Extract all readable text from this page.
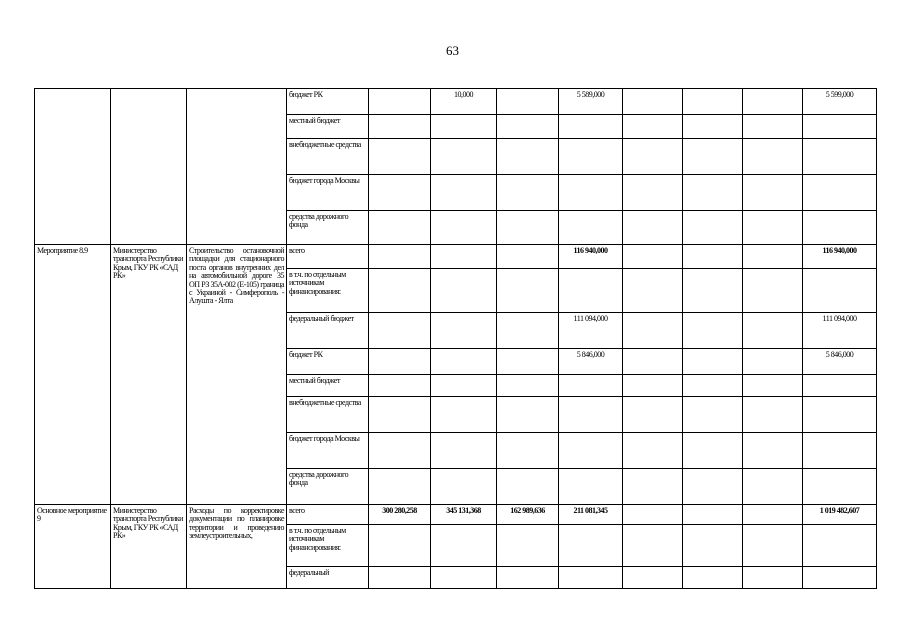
63
			бюджет РК		10,000		5 589,000				5 599,000
			местный бюджет								
			внебюджетные средства								
			бюджет города Москвы								
			средства дорожного фонда								
Мероприятие 8.9	Министерство транспорта Республики Крым, ГКУ РК «САД РК»	Строительство остановочной площадки для стационарного поста органов внутренних дел на автомобильной дороге 35 ОП РЗ 35А-002 (Е-105) граница с Украиной - Симферополь - Алушта - Ялта	всего				116 940,000				116 940,000
			в т.ч. по отдельным источникам финансирования:								
			федеральный бюджет				111 094,000				111 094,000
			бюджет РК				5 846,000				5 846,000
			местный бюджет								
			внебюджетные средства								
			бюджет города Москвы								
			средства дорожного фонда								
Основное мероприятие 9	Министерство транспорта Республики Крым, ГКУ РК «САД РК»	Расходы по корректировке документации по планировке территории и проведению землеустроительных,	всего	300 280,258	345 131,368	162 989,636	211 081,345				1 019 482,607
			в т.ч. по отдельным источникам финансирования:								
			федеральный								
